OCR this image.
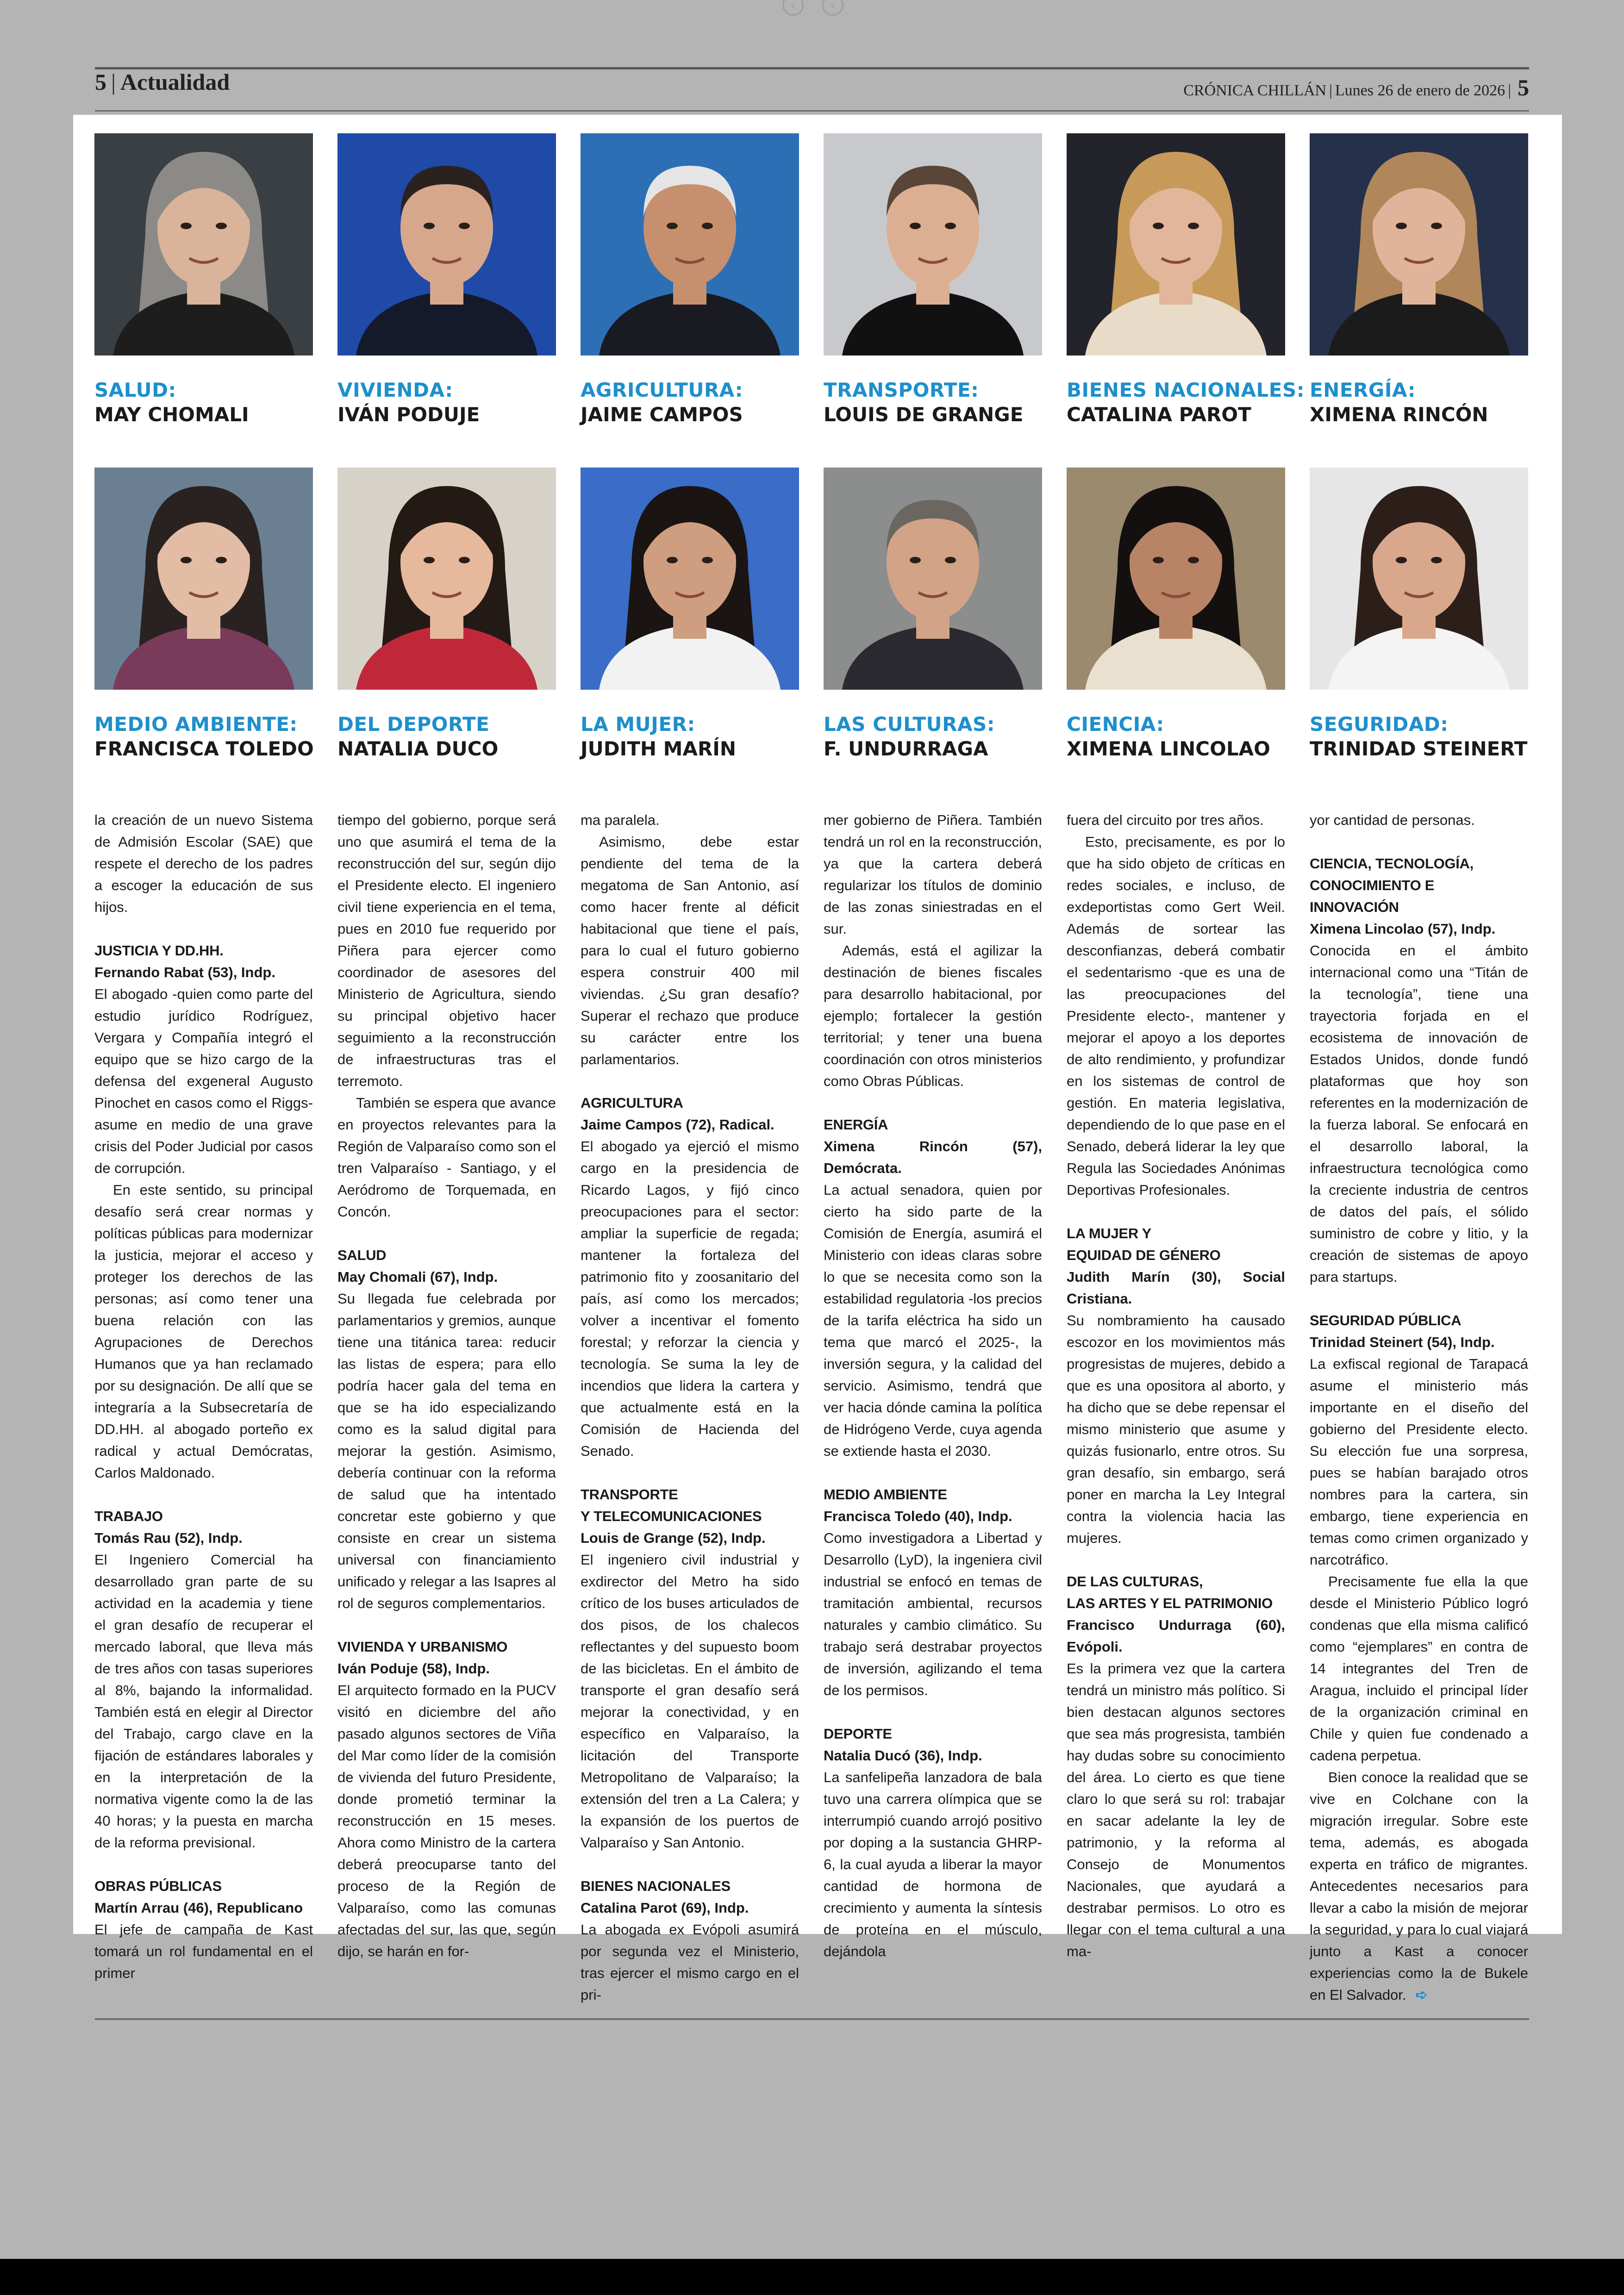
‹	›
5 | Actualidad	CRÓNICA CHILLÁN | Lunes 26 de enero de 2026 | 5
SALUD:
MAY CHOMALI
VIVIENDA:
IVÁN PODUJE
AGRICULTURA:
JAIME CAMPOS
TRANSPORTE:
LOUIS DE GRANGE
BIENES NACIONALES:
CATALINA PAROT
ENERGÍA:
XIMENA RINCÓN
MEDIO AMBIENTE:
FRANCISCA TOLEDO
DEL DEPORTE
NATALIA DUCO
LA MUJER:
JUDITH MARÍN
LAS CULTURAS:
F. UNDURRAGA
CIENCIA:
XIMENA LINCOLAO
SEGURIDAD:
TRINIDAD STEINERT

la creación de un nuevo Sistema de Admisión Escolar (SAE) que respete el derecho de los padres a escoger la educación de sus hijos.

JUSTICIA Y DD.HH.
Fernando Rabat (53), Indp.

El abogado -quien como parte del estudio jurídico Rodríguez, Vergara y Compañía integró el equipo que se hizo cargo de la defensa del exgeneral Augusto Pinochet en casos como el Riggs- asume en medio de una grave crisis del Poder Judicial por casos de corrupción.

En este sentido, su principal desafío será crear normas y políticas públicas para modernizar la justicia, mejorar el acceso y proteger los derechos de las personas; así como tener una buena relación con las Agrupaciones de Derechos Humanos que ya han reclamado por su designación. De allí que se integraría a la Subsecretaría de DD.HH. al abogado porteño ex radical y actual Demócratas, Carlos Maldonado.

TRABAJO
Tomás Rau (52), Indp.

El Ingeniero Comercial ha desarrollado gran parte de su actividad en la academia y tiene el gran desafío de recuperar el mercado laboral, que lleva más de tres años con tasas superiores al 8%, bajando la informalidad. También está en elegir al Director del Trabajo, cargo clave en la fijación de estándares laborales y en la interpretación de la normativa vigente como la de las 40 horas; y la puesta en marcha de la reforma previsional.

OBRAS PÚBLICAS
Martín Arrau (46), Republicano

El jefe de campaña de Kast tomará un rol fundamental en el primer

tiempo del gobierno, porque será uno que asumirá el tema de la reconstrucción del sur, según dijo el Presidente electo. El ingeniero civil tiene experiencia en el tema, pues en 2010 fue requerido por Piñera para ejercer como coordinador de asesores del Ministerio de Agricultura, siendo su principal objetivo hacer seguimiento a la reconstrucción de infraestructuras tras el terremoto.

También se espera que avance en proyectos relevantes para la Región de Valparaíso como son el tren Valparaíso - Santiago, y el Aeródromo de Torquemada, en Concón.

SALUD
May Chomali (67), Indp.

Su llegada fue celebrada por parlamentarios y gremios, aunque tiene una titánica tarea: reducir las listas de espera; para ello podría hacer gala del tema en que se ha ido especializando como es la salud digital para mejorar la gestión. Asimismo, debería continuar con la reforma de salud que ha intentado concretar este gobierno y que consiste en crear un sistema universal con financiamiento unificado y relegar a las Isapres al rol de seguros complementarios.

VIVIENDA Y URBANISMO
Iván Poduje (58), Indp.

El arquitecto formado en la PUCV visitó en diciembre del año pasado algunos sectores de Viña del Mar como líder de la comisión de vivienda del futuro Presidente, donde prometió terminar la reconstrucción en 15 meses. Ahora como Ministro de la cartera deberá preocuparse tanto del proceso de la Región de Valparaíso, como las comunas afectadas del sur, las que, según dijo, se harán en for-

ma paralela.

Asimismo, debe estar pendiente del tema de la megatoma de San Antonio, así como hacer frente al déficit habitacional que tiene el país, para lo cual el futuro gobierno espera construir 400 mil viviendas. ¿Su gran desafío? Superar el rechazo que produce su carácter entre los parlamentarios.

AGRICULTURA
Jaime Campos (72), Radical.

El abogado ya ejerció el mismo cargo en la presidencia de Ricardo Lagos, y fijó cinco preocupaciones para el sector: ampliar la superficie de regada; mantener la fortaleza del patrimonio fito y zoosanitario del país, así como los mercados; volver a incentivar el fomento forestal; y reforzar la ciencia y tecnología. Se suma la ley de incendios que lidera la cartera y que actualmente está en la Comisión de Hacienda del Senado.

TRANSPORTE
Y TELECOMUNICACIONES
Louis de Grange (52), Indp.

El ingeniero civil industrial y exdirector del Metro ha sido crítico de los buses articulados de dos pisos, de los chalecos reflectantes y del supuesto boom de las bicicletas. En el ámbito de transporte el gran desafío será mejorar la conectividad, y en específico en Valparaíso, la licitación del Transporte Metropolitano de Valparaíso; la extensión del tren a La Calera; y la expansión de los puertos de Valparaíso y San Antonio.

BIENES NACIONALES
Catalina Parot (69), Indp.

La abogada ex Evópoli asumirá por segunda vez el Ministerio, tras ejercer el mismo cargo en el pri-

mer gobierno de Piñera. También tendrá un rol en la reconstrucción, ya que la cartera deberá regularizar los títulos de dominio de las zonas siniestradas en el sur.

Además, está el agilizar la destinación de bienes fiscales para desarrollo habitacional, por ejemplo; fortalecer la gestión territorial; y tener una buena coordinación con otros ministerios como Obras Públicas.

ENERGÍA
Ximena Rincón (57), Demócrata.

La actual senadora, quien por cierto ha sido parte de la Comisión de Energía, asumirá el Ministerio con ideas claras sobre lo que se necesita como son la estabilidad regulatoria -los precios de la tarifa eléctrica ha sido un tema que marcó el 2025-, la inversión segura, y la calidad del servicio. Asimismo, tendrá que ver hacia dónde camina la política de Hidrógeno Verde, cuya agenda se extiende hasta el 2030.

MEDIO AMBIENTE
Francisca Toledo (40), Indp.

Como investigadora a Libertad y Desarrollo (LyD), la ingeniera civil industrial se enfocó en temas de tramitación ambiental, recursos naturales y cambio climático. Su trabajo será destrabar proyectos de inversión, agilizando el tema de los permisos.

DEPORTE
Natalia Ducó (36), Indp.

La sanfelipeña lanzadora de bala tuvo una carrera olímpica que se interrumpió cuando arrojó positivo por doping a la sustancia GHRP-6, la cual ayuda a liberar la mayor cantidad de hormona de crecimiento y aumenta la síntesis de proteína en el músculo, dejándola

fuera del circuito por tres años.

Esto, precisamente, es por lo que ha sido objeto de críticas en redes sociales, e incluso, de exdeportistas como Gert Weil. Además de sortear las desconfianzas, deberá combatir el sedentarismo -que es una de las preocupaciones del Presidente electo-, mantener y mejorar el apoyo a los deportes de alto rendimiento, y profundizar en los sistemas de control de gestión. En materia legislativa, dependiendo de lo que pase en el Senado, deberá liderar la ley que Regula las Sociedades Anónimas Deportivas Profesionales.

LA MUJER Y
EQUIDAD DE GÉNERO
Judith Marín (30), Social Cristiana.

Su nombramiento ha causado escozor en los movimientos más progresistas de mujeres, debido a que es una opositora al aborto, y ha dicho que se debe repensar el mismo ministerio que asume y quizás fusionarlo, entre otros. Su gran desafío, sin embargo, será poner en marcha la Ley Integral contra la violencia hacia las mujeres.

DE LAS CULTURAS,
LAS ARTES Y EL PATRIMONIO
Francisco Undurraga (60), Evópoli.

Es la primera vez que la cartera tendrá un ministro más político. Si bien destacan algunos sectores que sea más progresista, también hay dudas sobre su conocimiento del área. Lo cierto es que tiene claro lo que será su rol: trabajar en sacar adelante la ley de patrimonio, y la reforma al Consejo de Monumentos Nacionales, que ayudará a destrabar permisos. Lo otro es llegar con el tema cultural a una ma-

yor cantidad de personas.

CIENCIA, TECNOLOGÍA,
CONOCIMIENTO E
INNOVACIÓN
Ximena Lincolao (57), Indp.

Conocida en el ámbito internacional como una “Titán de la tecnología”, tiene una trayectoria forjada en el ecosistema de innovación de Estados Unidos, donde fundó plataformas que hoy son referentes en la modernización de la fuerza laboral. Se enfocará en el desarrollo laboral, la infraestructura tecnológica como la creciente industria de centros de datos del país, el sólido suministro de cobre y litio, y la creación de sistemas de apoyo para startups.

SEGURIDAD PÚBLICA
Trinidad Steinert (54), Indp.

La exfiscal regional de Tarapacá asume el ministerio más importante en el diseño del gobierno del Presidente electo. Su elección fue una sorpresa, pues se habían barajado otros nombres para la cartera, sin embargo, tiene experiencia en temas como crimen organizado y narcotráfico.

Precisamente fue ella la que desde el Ministerio Público logró condenas que ella misma calificó como “ejemplares” en contra de 14 integrantes del Tren de Aragua, incluido el principal líder de la organización criminal en Chile y quien fue condenado a cadena perpetua.

Bien conoce la realidad que se vive en Colchane con la migración irregular. Sobre este tema, además, es abogada experta en tráfico de migrantes. Antecedentes necesarios para llevar a cabo la misión de mejorar la seguridad, y para lo cual viajará junto a Kast a conocer experiencias como la de Bukele en El Salvador. ➪
